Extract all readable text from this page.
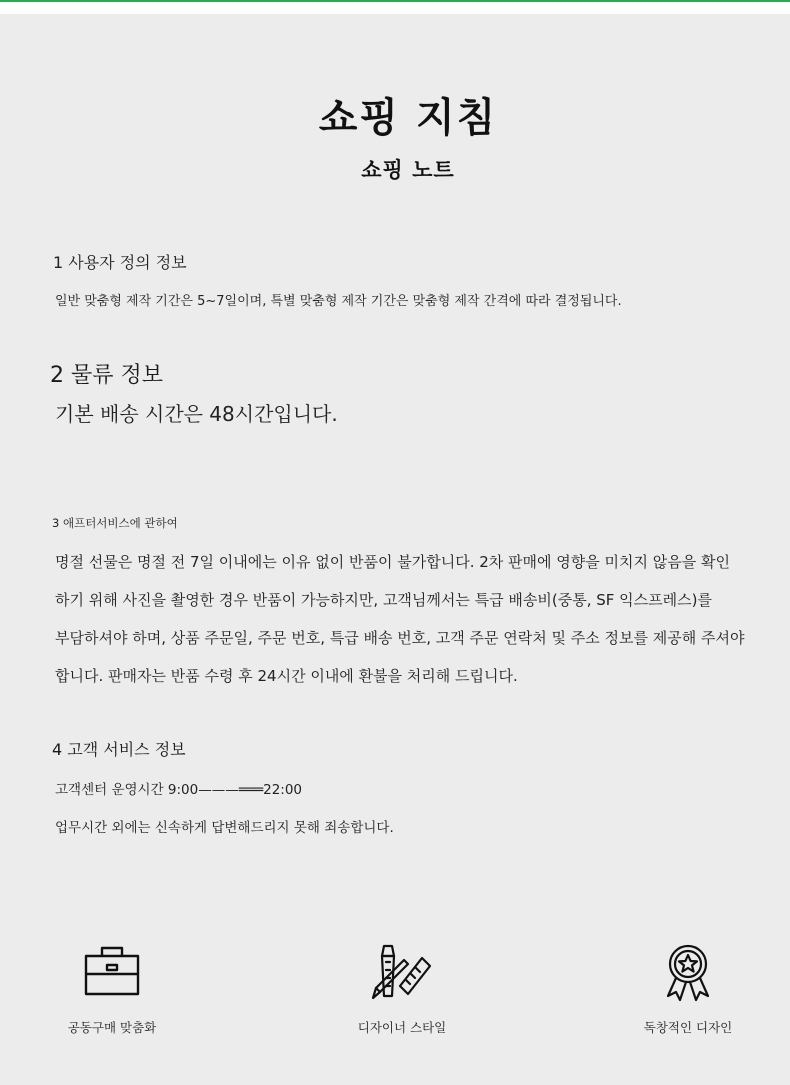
쇼핑 지침
쇼핑 노트
1 사용자 정의 정보
일반 맞춤형 제작 기간은 5~7일이며, 특별 맞춤형 제작 기간은 맞춤형 제작 간격에 따라 결정됩니다.
2 물류 정보
기본 배송 시간은 48시간입니다.
3 애프터서비스에 관하여
명절 선물은 명절 전 7일 이내에는 이유 없이 반품이 불가합니다. 2차 판매에 영향을 미치지 않음을 확인
하기 위해 사진을 촬영한 경우 반품이 가능하지만, 고객님께서는 특급 배송비(중통, SF 익스프레스)를
부담하셔야 하며, 상품 주문일, 주문 번호, 특급 배송 번호, 고객 주문 연락처 및 주소 정보를 제공해 주셔야
합니다. 판매자는 반품 수령 후 24시간 이내에 환불을 처리해 드립니다.
4 고객 서비스 정보
고객센터 운영시간 9:00———═══22:00
업무시간 외에는 신속하게 답변해드리지 못해 죄송합니다.
공동구매 맞춤화	디자이너 스타일	독창적인 디자인
